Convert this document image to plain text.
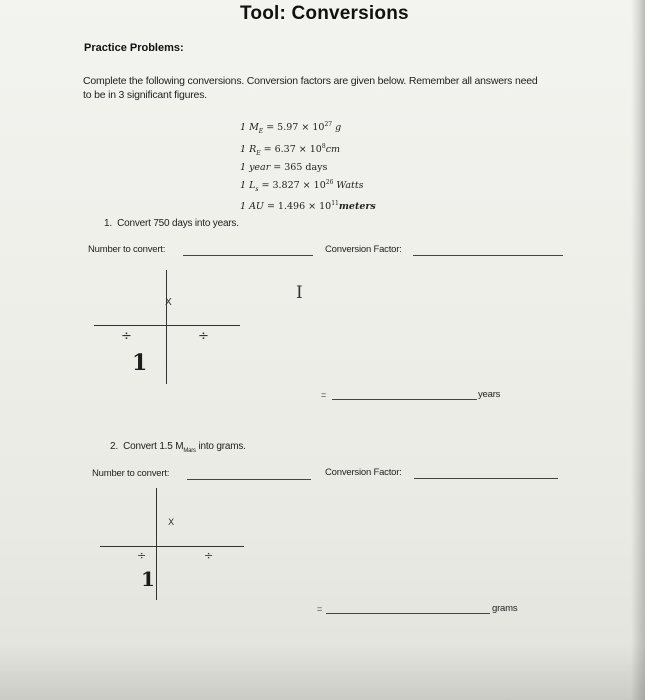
Tool: Conversions
Practice Problems:
Complete the following conversions. Conversion factors are given below. Remember all answers need
to be in 3 significant figures.
1 $M_E = 5.97 \times 10^{27}$ g
1 $R_E = 6.37 \times 10^8cm$
1 year = 365 days
1 $L_s = 3.827 \times 10^{26}$ Watts
1 AU = $1.496 \times 10^{11}meters$
1. Convert 750 days into years.
Number to convert:	Conversion Factor:
X
÷	÷
1
I
=	years
2. Convert 1.5 $M_{Mars}$ into grams.
Number to convert:	Conversion Factor:
X
÷	÷
1
=	grams
